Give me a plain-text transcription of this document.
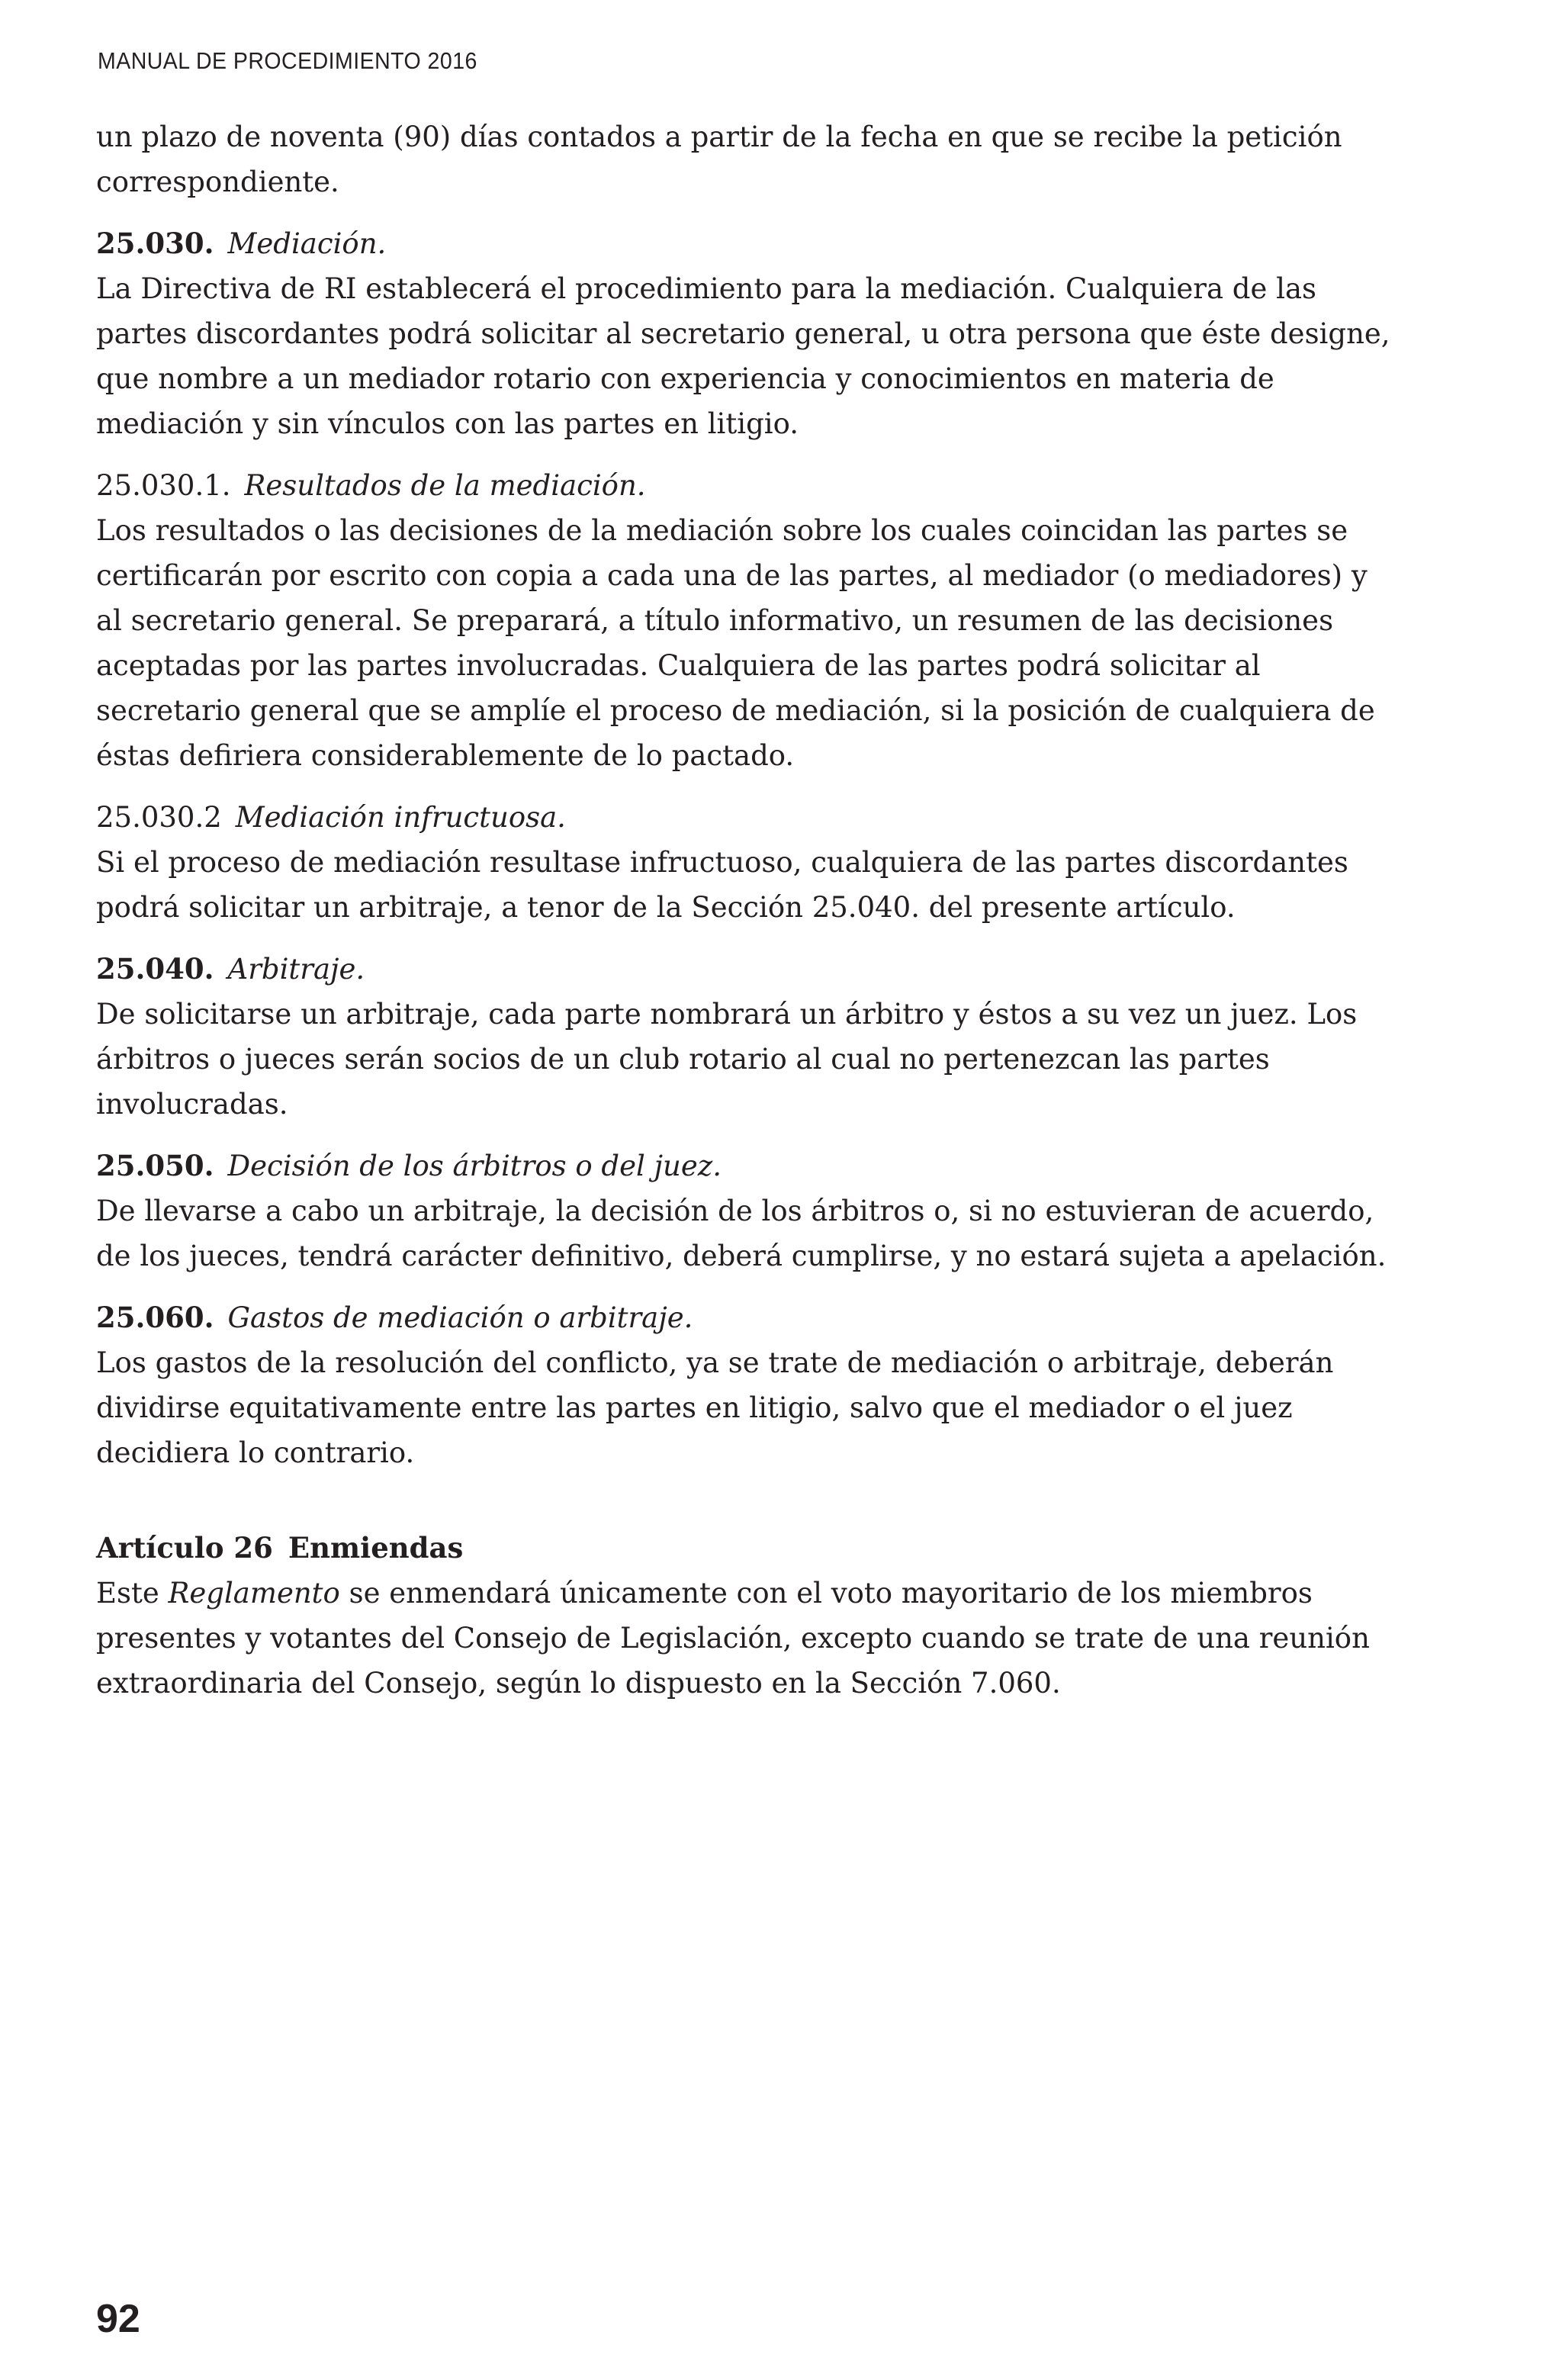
MANUAL DE PROCEDIMIENTO 2016

un plazo de noventa (90) días contados a partir de la fecha en que se recibe la petición correspondiente.

25.030. Mediación.

La Directiva de RI establecerá el procedimiento para la mediación. Cualquiera de las partes discordantes podrá solicitar al secretario general, u otra persona que éste designe, que nombre a un mediador rotario con experiencia y conocimientos en materia de mediación y sin vínculos con las partes en litigio.

25.030.1. Resultados de la mediación.

Los resultados o las decisiones de la mediación sobre los cuales coincidan las partes se certificarán por escrito con copia a cada una de las partes, al mediador (o mediadores) y al secretario general. Se preparará, a título informativo, un resumen de las decisiones aceptadas por las partes involucradas. Cualquiera de las partes podrá solicitar al secretario general que se amplíe el proceso de mediación, si la posición de cualquiera de éstas defiriera considerablemente de lo pactado.

25.030.2 Mediación infructuosa.

Si el proceso de mediación resultase infructuoso, cualquiera de las partes discordantes podrá solicitar un arbitraje, a tenor de la Sección 25.040. del presente artículo.

25.040. Arbitraje.

De solicitarse un arbitraje, cada parte nombrará un árbitro y éstos a su vez un juez. Los árbitros o jueces serán socios de un club rotario al cual no pertenezcan las partes involucradas.

25.050. Decisión de los árbitros o del juez.

De llevarse a cabo un arbitraje, la decisión de los árbitros o, si no estuvieran de acuerdo, de los jueces, tendrá carácter definitivo, deberá cumplirse, y no estará sujeta a apelación.

25.060. Gastos de mediación o arbitraje.

Los gastos de la resolución del conflicto, ya se trate de mediación o arbitraje, deberán dividirse equitativamente entre las partes en litigio, salvo que el mediador o el juez decidiera lo contrario.

Artículo 26 Enmiendas

Este Reglamento se enmendará únicamente con el voto mayoritario de los miembros presentes y votantes del Consejo de Legislación, excepto cuando se trate de una reunión extraordinaria del Consejo, según lo dispuesto en la Sección 7.060.

92
